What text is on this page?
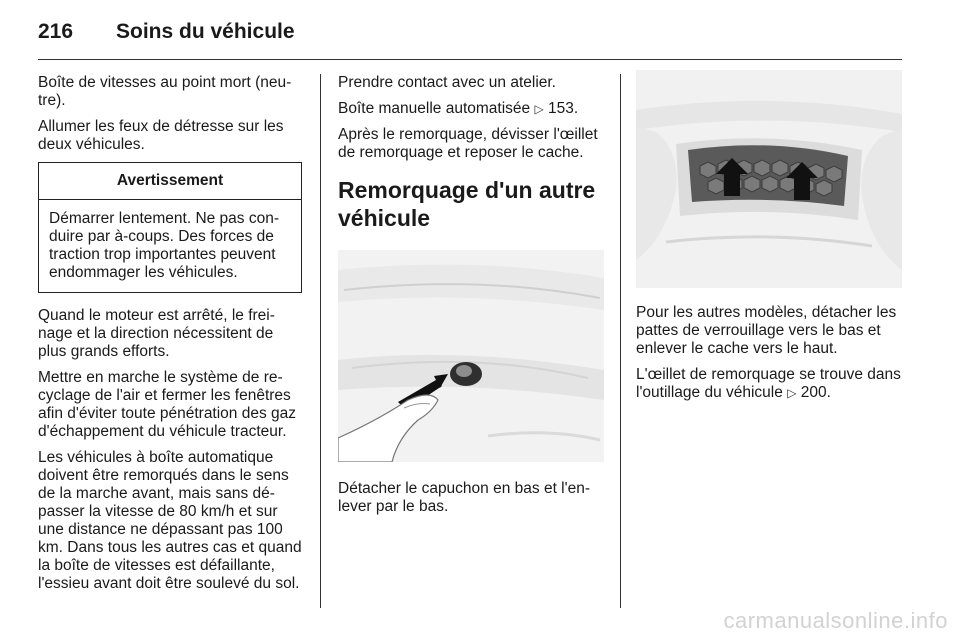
216 Soins du véhicule

Boîte de vitesses au point mort (neutre).

Allumer les feux de détresse sur les deux véhicules.

Avertissement
Démarrer lentement. Ne pas conduire par à-coups. Des forces de traction trop importantes peuvent endommager les véhicules.

Quand le moteur est arrêté, le freinage et la direction nécessitent de plus grands efforts.

Mettre en marche le système de recyclage de l'air et fermer les fenêtres afin d'éviter toute pénétration des gaz d'échappement du véhicule tracteur.

Les véhicules à boîte automatique doivent être remorqués dans le sens de la marche avant, mais sans dépasser la vitesse de 80 km/h et sur une distance ne dépassant pas 100 km. Dans tous les autres cas et quand la boîte de vitesses est défaillante, l'essieu avant doit être soulevé du sol.

Prendre contact avec un atelier.

Boîte manuelle automatisée ▷ 153.

Après le remorquage, dévisser l'œillet de remorquage et reposer le cache.

Remorquage d'un autre véhicule

Détacher le capuchon en bas et l'enlever par le bas.

Pour les autres modèles, détacher les pattes de verrouillage vers le bas et enlever le cache vers le haut.

L'œillet de remorquage se trouve dans l'outillage du véhicule ▷ 200.

carmanualsonline.info
